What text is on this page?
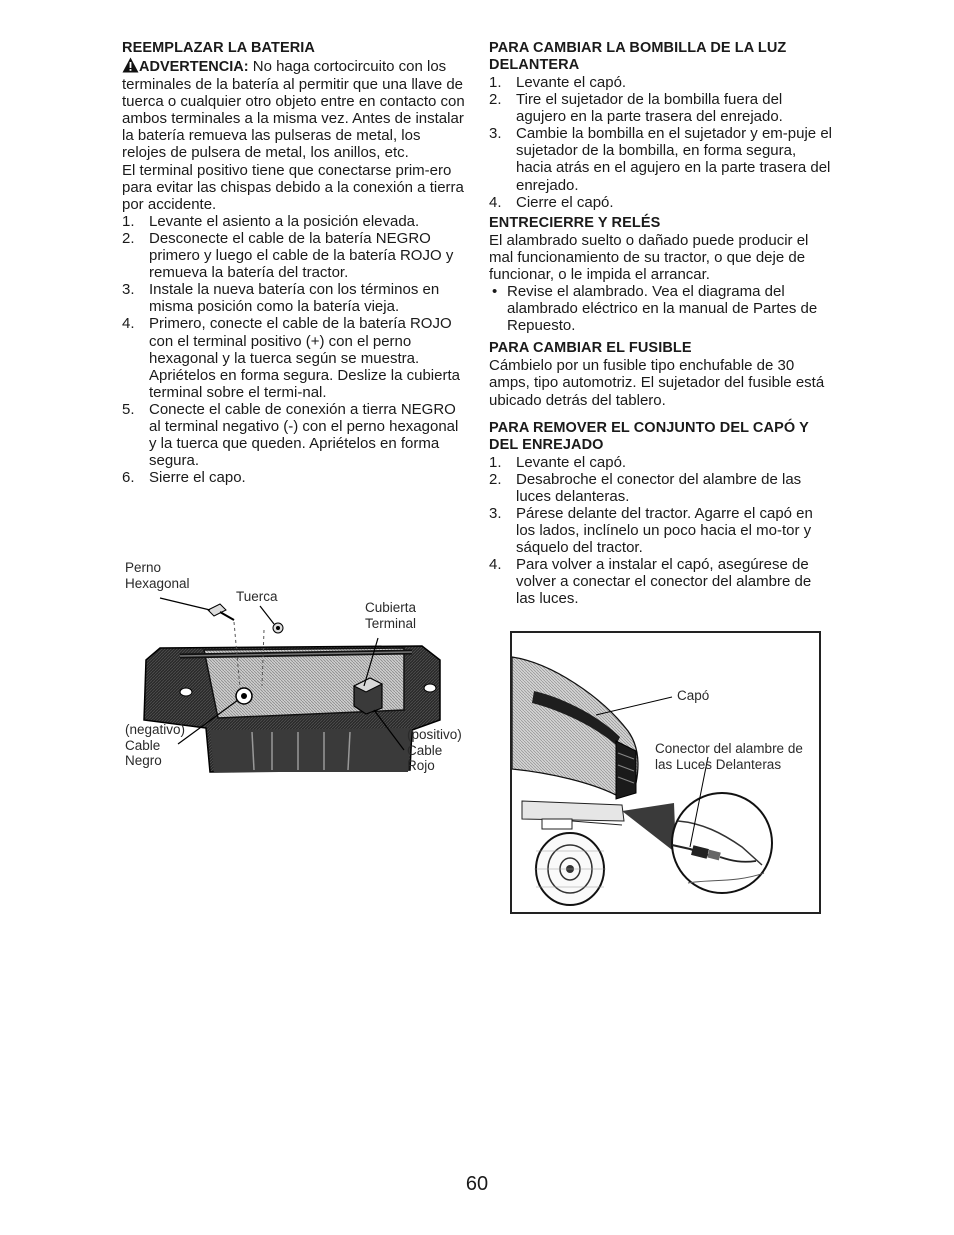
REEMPLAZAR LA BATERIA

ADVERTENCIA: No haga cortocircuito con los terminales de la batería al permitir que una llave de tuerca o cualquier otro objeto entre en contacto con ambos terminales a la misma vez. Antes de instalar la batería remueva las pulseras de metal, los relojes de pulsera de metal, los anillos, etc.

El terminal positivo tiene que conectarse prim-ero para evitar las chispas debido a la conexión a tierra por accidente.

1. Levante el asiento a la posición elevada.
2. Desconecte el cable de la batería NEGRO primero y luego el cable de la batería ROJO y remueva la batería del tractor.
3. Instale la nueva batería con los términos en misma posición como la batería vieja.
4. Primero, conecte el cable de la batería ROJO con el terminal positivo (+) con el perno hexagonal y la tuerca según se muestra. Apriételos en forma segura. Deslize la cubierta terminal sobre el termi-nal.
5. Conecte el cable de conexión a tierra NEGRO al terminal negativo (-) con el perno hexagonal y la tuerca que queden. Apriételos en forma segura.
6. Sierre el capo.
Perno
Hexagonal
Tuerca
Cubierta
Terminal
(negativo)
Cable
Negro
(positivo)
Cable
Rojo
PARA CAMBIAR LA BOMBILLA DE LA LUZ DELANTERA
1. Levante el capó.
2. Tire el sujetador de la bombilla fuera del agujero en la parte trasera del enrejado.
3. Cambie la bombilla en el sujetador y em-puje el sujetador de la bombilla, en forma segura, hacia atrás en el agujero en la parte trasera del enrejado.
4. Cierre el capó.
ENTRECIERRE Y RELÉS

El alambrado suelto o dañado puede producir el mal funcionamiento de su tractor, o que deje de funcionar, o le impida el arrancar.

• Revise el alambrado. Vea el diagrama del alambrado eléctrico en la manual de Partes de Repuesto.
PARA CAMBIAR EL FUSIBLE

Cámbielo por un fusible tipo enchufable de 30 amps, tipo automotriz. El sujetador del fusible está ubicado detrás del tablero.

PARA REMOVER EL CONJUNTO DEL CAPÓ Y DEL ENREJADO
1. Levante el capó.
2. Desabroche el conector del alambre de las luces delanteras.
3. Párese delante del tractor. Agarre el capó en los lados, inclínelo un poco hacia el mo-tor y sáquelo del tractor.
4. Para volver a instalar el capó, asegúrese de volver a conectar el conector del alambre de las luces.
Capó
Conector del alambre de
las Luces Delanteras
60
